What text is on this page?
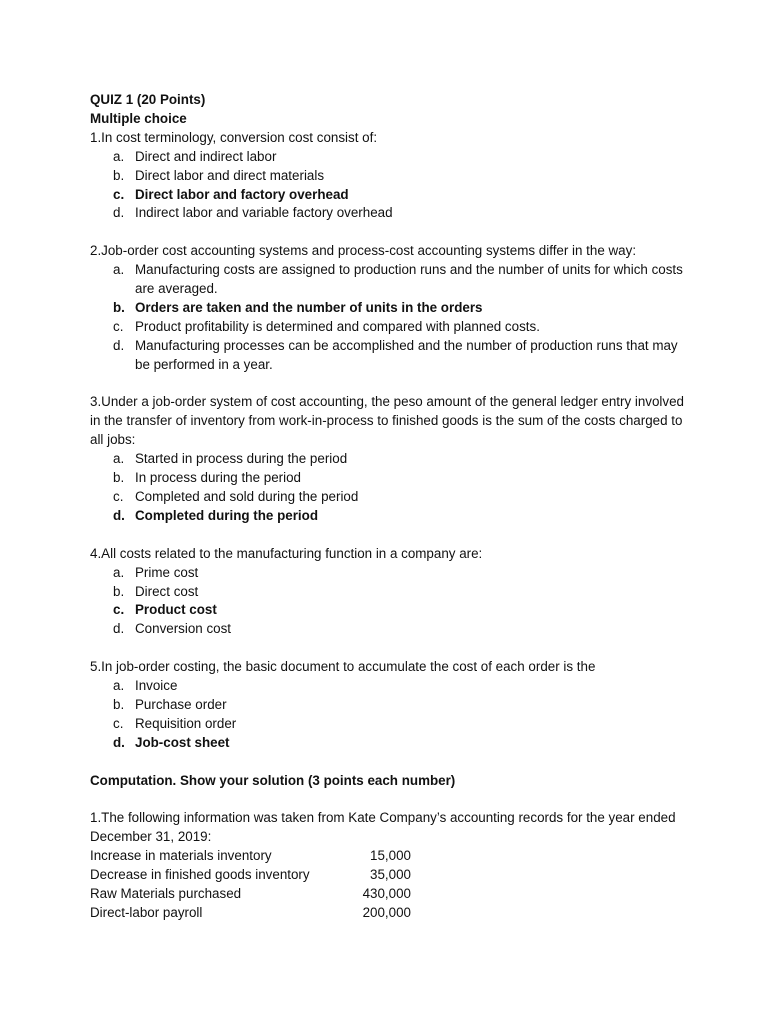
QUIZ 1 (20 Points)
Multiple choice

1.In cost terminology, conversion cost consist of:

a. Direct and indirect labor
b. Direct labor and direct materials
c. Direct labor and factory overhead
d. Indirect labor and variable factory overhead

2.Job-order cost accounting systems and process-cost accounting systems differ in the way:

a. Manufacturing costs are assigned to production runs and the number of units for which costs are averaged.
b. Orders are taken and the number of units in the orders
c. Product profitability is determined and compared with planned costs.
d. Manufacturing processes can be accomplished and the number of production runs that may be performed in a year.

3.Under a job-order system of cost accounting, the peso amount of the general ledger entry involved in the transfer of inventory from work-in-process to finished goods is the sum of the costs charged to all jobs:

a. Started in process during the period
b. In process during the period
c. Completed and sold during the period
d. Completed during the period

4.All costs related to the manufacturing function in a company are:

a. Prime cost
b. Direct cost
c. Product cost
d. Conversion cost

5.In job-order costing, the basic document to accumulate the cost of each order is the

a. Invoice
b. Purchase order
c. Requisition order
d. Job-cost sheet
Computation. Show your solution (3 points each number)

1.The following information was taken from Kate Company’s accounting records for the year ended December 31, 2019:

Increase in materials inventory	15,000
Decrease in finished goods inventory	35,000
Raw Materials purchased	430,000
Direct-labor payroll	200,000
